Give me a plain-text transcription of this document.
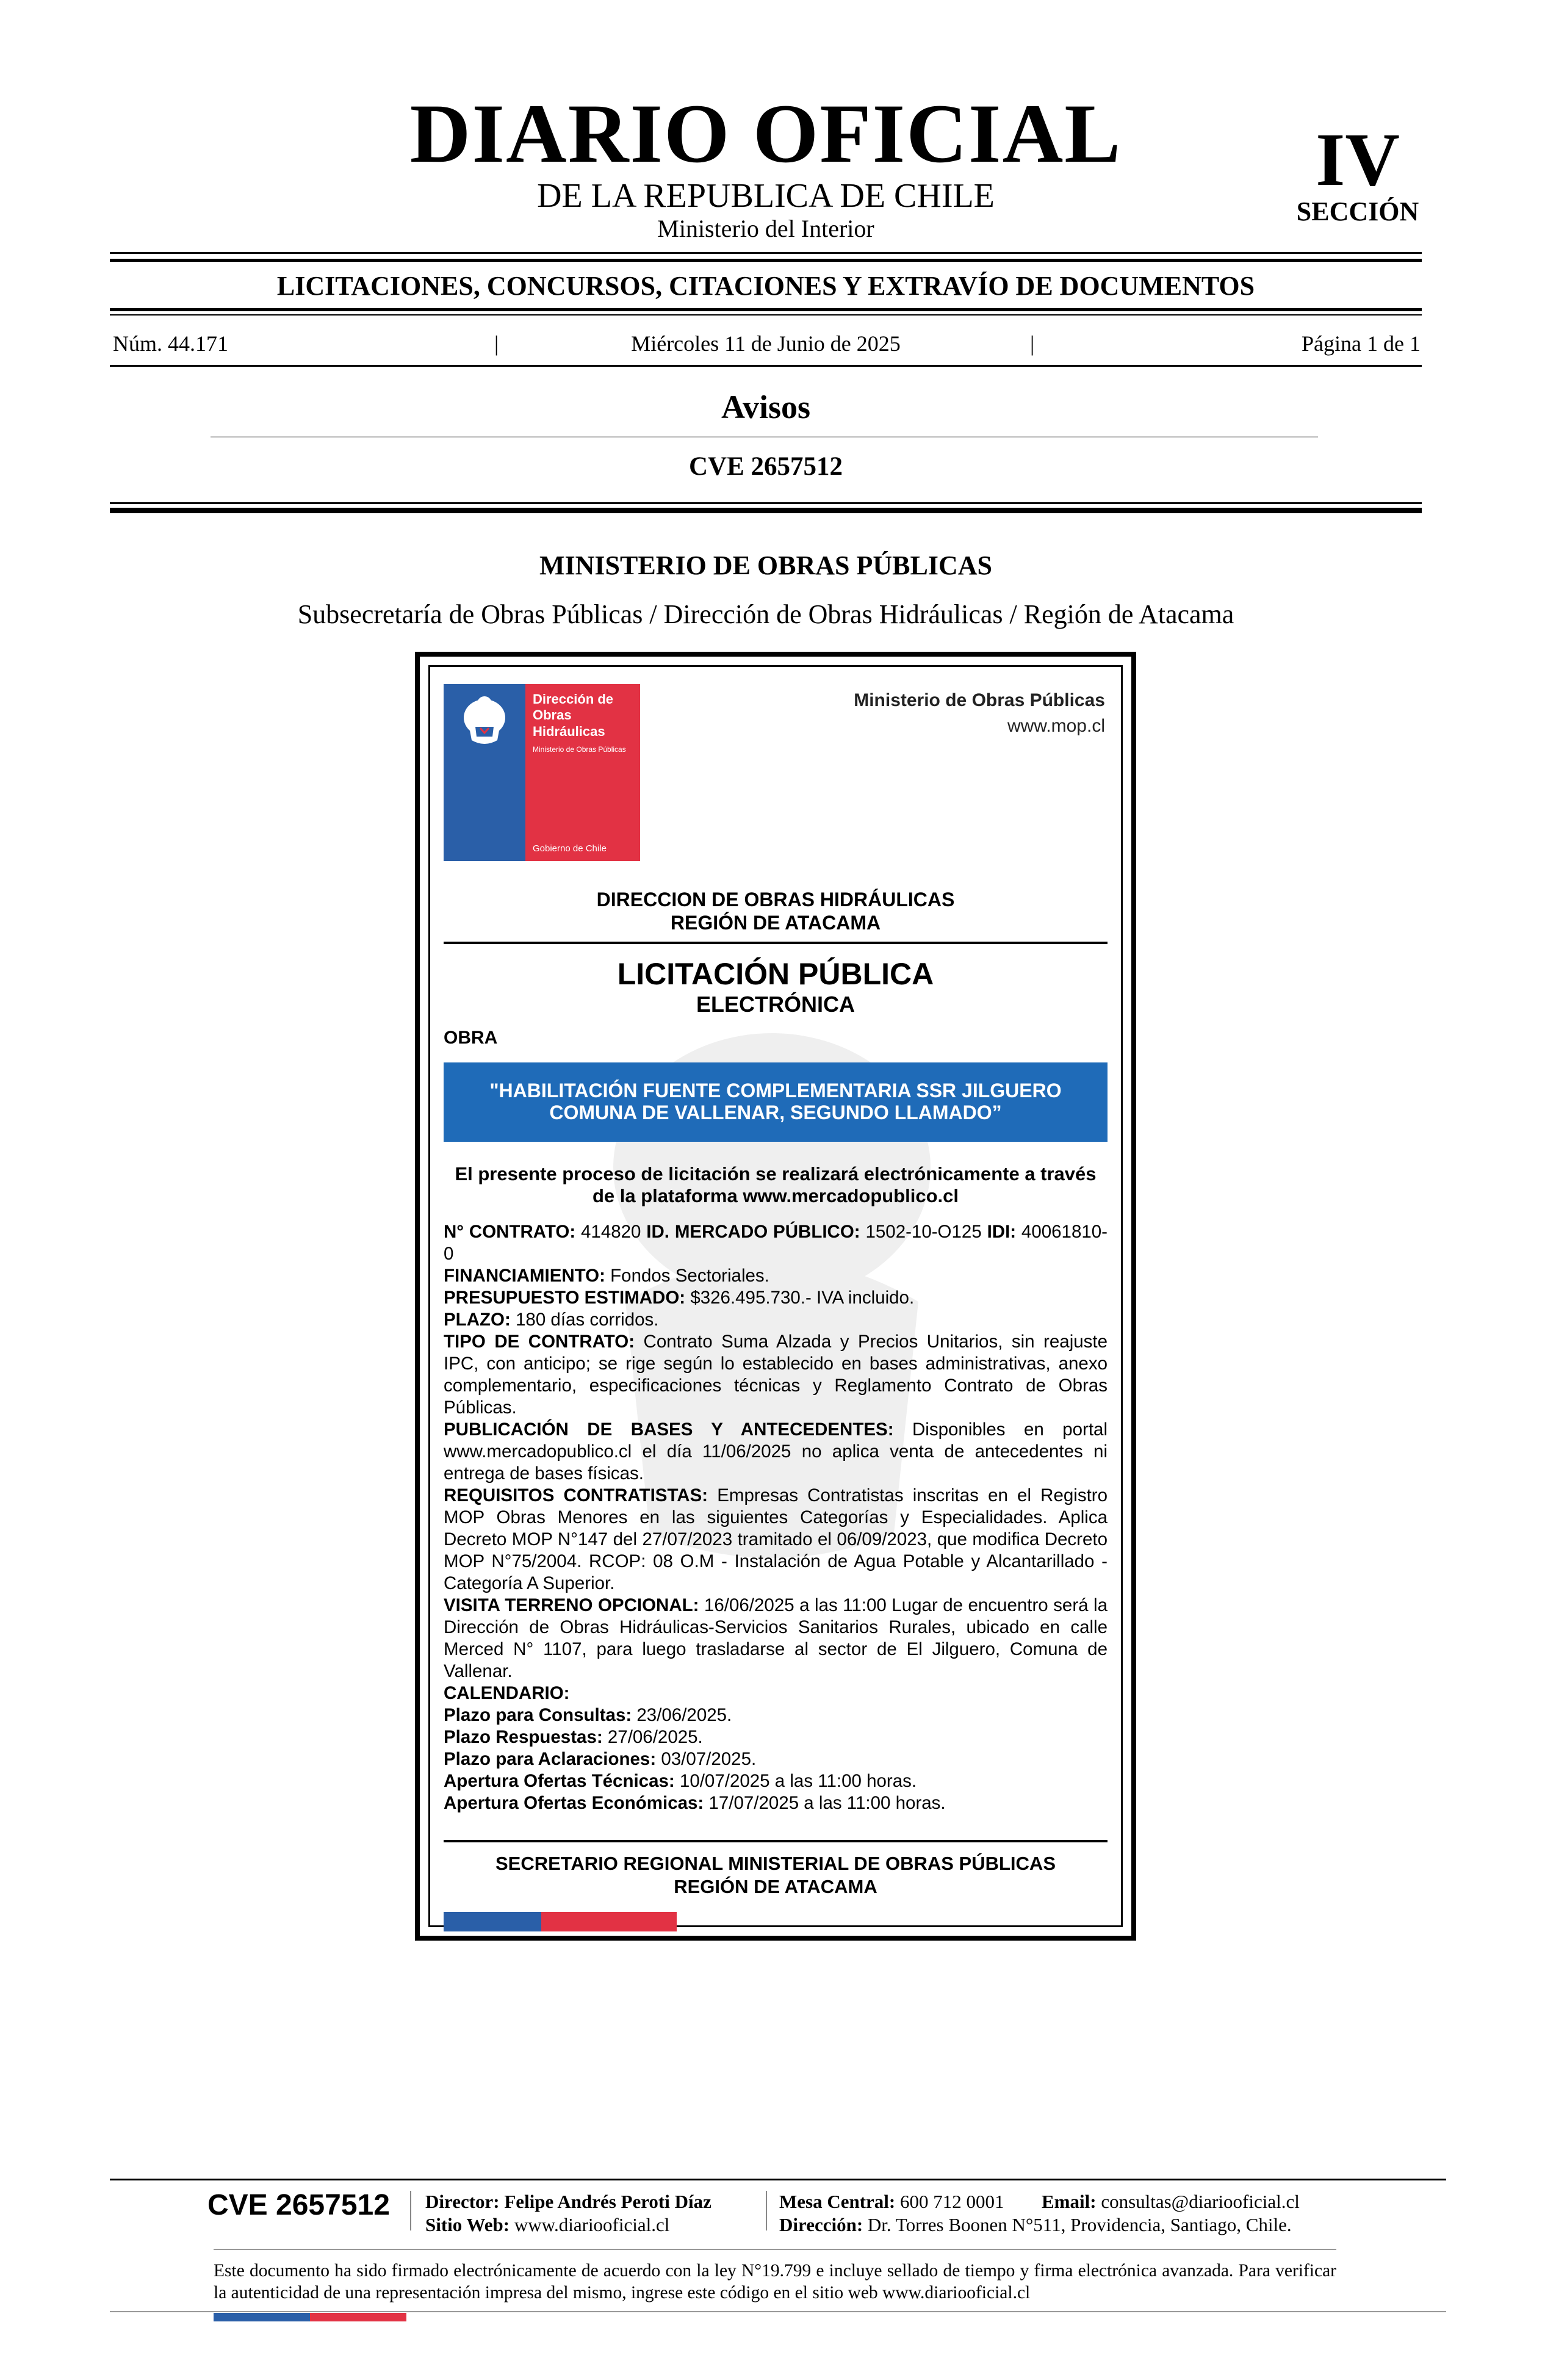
DIARIO OFICIAL
DE LA REPUBLICA DE CHILE
Ministerio del Interior
IV
SECCIÓN
LICITACIONES, CONCURSOS, CITACIONES Y EXTRAVÍO DE DOCUMENTOS
Núm. 44.171	|	Miércoles 11 de Junio de 2025	|	Página 1 de 1
Avisos
CVE 2657512
MINISTERIO DE OBRAS PÚBLICAS
Subsecretaría de Obras Públicas / Dirección de Obras Hidráulicas / Región de Atacama
Dirección de Obras Hidráulicas
Ministerio de Obras Públicas
Gobierno de Chile
Ministerio de Obras Públicas
www.mop.cl
DIRECCION DE OBRAS HIDRÁULICAS
REGIÓN DE ATACAMA
LICITACIÓN PÚBLICA
ELECTRÓNICA
OBRA
"HABILITACIÓN FUENTE COMPLEMENTARIA SSR JILGUERO COMUNA DE VALLENAR, SEGUNDO LLAMADO”
El presente proceso de licitación se realizará electrónicamente a través de la plataforma www.mercadopublico.cl

N° CONTRATO: 414820 ID. MERCADO PÚBLICO: 1502-10-O125 IDI: 40061810-0

FINANCIAMIENTO: Fondos Sectoriales.

PRESUPUESTO ESTIMADO: $326.495.730.- IVA incluido.

PLAZO: 180 días corridos.

TIPO DE CONTRATO: Contrato Suma Alzada y Precios Unitarios, sin reajuste IPC, con anticipo; se rige según lo establecido en bases administrativas, anexo complementario, especificaciones técnicas y Reglamento Contrato de Obras Públicas.

PUBLICACIÓN DE BASES Y ANTECEDENTES: Disponibles en portal www.mercadopublico.cl el día 11/06/2025 no aplica venta de antecedentes ni entrega de bases físicas.

REQUISITOS CONTRATISTAS: Empresas Contratistas inscritas en el Registro MOP Obras Menores en las siguientes Categorías y Especialidades. Aplica Decreto MOP N°147 del 27/07/2023 tramitado el 06/09/2023, que modifica Decreto MOP N°75/2004. RCOP: 08 O.M - Instalación de Agua Potable y Alcantarillado - Categoría A Superior.

VISITA TERRENO OPCIONAL: 16/06/2025 a las 11:00 Lugar de encuentro será la Dirección de Obras Hidráulicas-Servicios Sanitarios Rurales, ubicado en calle Merced N° 1107, para luego trasladarse al sector de El Jilguero, Comuna de Vallenar.

CALENDARIO:

Plazo para Consultas: 23/06/2025.

Plazo Respuestas: 27/06/2025.

Plazo para Aclaraciones: 03/07/2025.

Apertura Ofertas Técnicas: 10/07/2025 a las 11:00 horas.

Apertura Ofertas Económicas: 17/07/2025 a las 11:00 horas.

SECRETARIO REGIONAL MINISTERIAL DE OBRAS PÚBLICAS
REGIÓN DE ATACAMA
CVE 2657512 Director: Felipe Andrés Peroti Díaz
Sitio Web: www.diariooficial.cl
Mesa Central: 600 712 0001 Email: consultas@diariooficial.cl
Dirección: Dr. Torres Boonen N°511, Providencia, Santiago, Chile.
Este documento ha sido firmado electrónicamente de acuerdo con la ley N°19.799 e incluye sellado de tiempo y firma electrónica avanzada. Para verificar la autenticidad de una representación impresa del mismo, ingrese este código en el sitio web www.diariooficial.cl
